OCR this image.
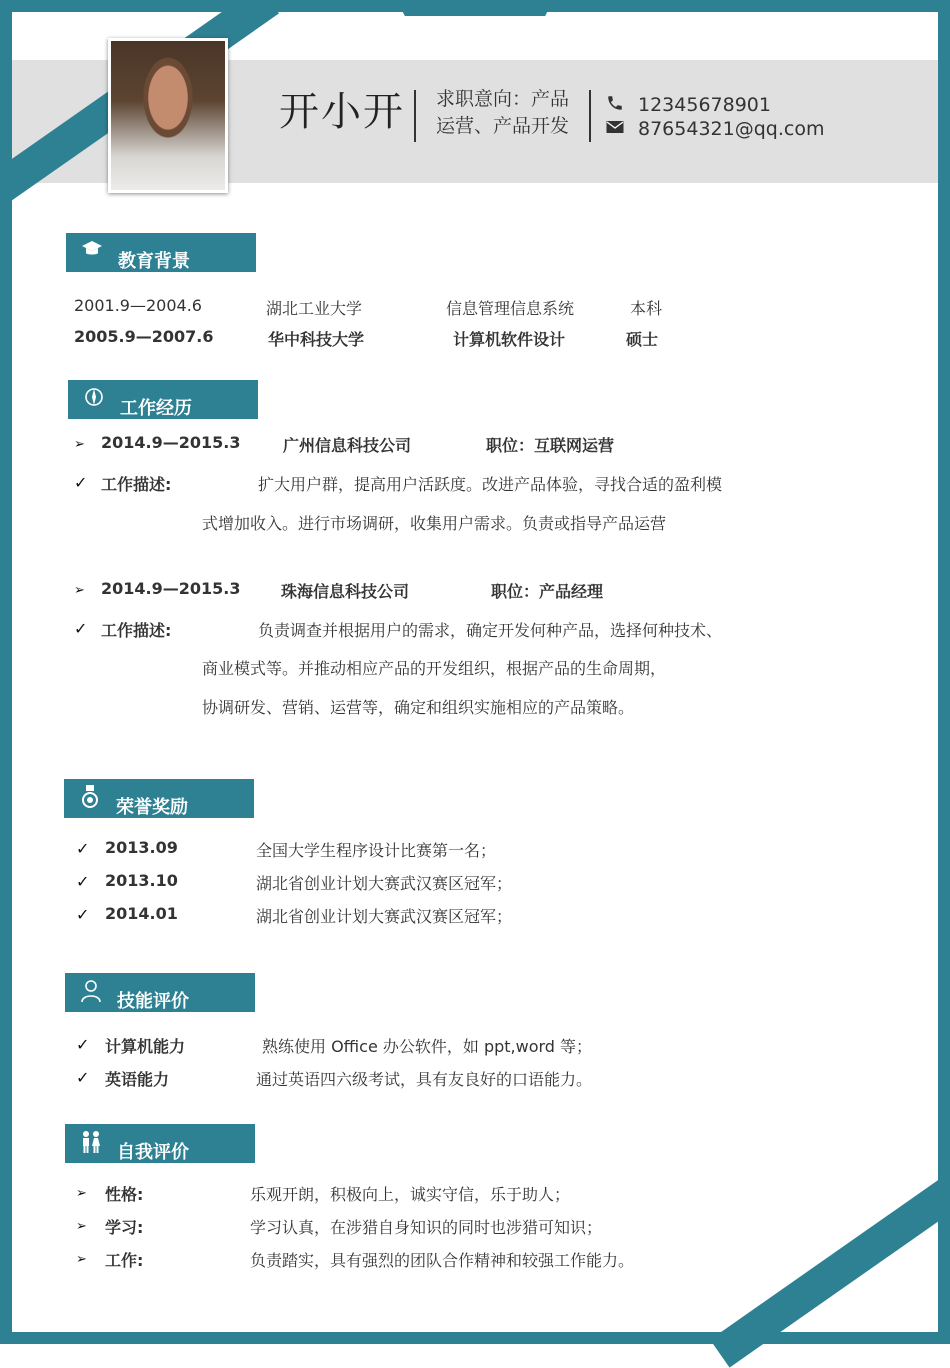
开小开 求职意向：产品
运营、产品开发
12345678901
87654321@qq.com
教育背景
2001.9—2004.6	湖北工业大学	信息管理信息系统	本科
2005.9—2007.6	华中科技大学	计算机软件设计	硕士
工作经历
➢ 2014.9—2015.3	广州信息科技公司	职位：互联网运营
✓ 工作描述:	扩大用户群，提高用户活跃度。改进产品体验，寻找合适的盈利模
式增加收入。进行市场调研，收集用户需求。负责或指导产品运营
➢ 2014.9—2015.3	珠海信息科技公司	职位：产品经理
✓ 工作描述:	负责调查并根据用户的需求，确定开发何种产品，选择何种技术、
商业模式等。并推动相应产品的开发组织，根据产品的生命周期，
协调研发、营销、运营等，确定和组织实施相应的产品策略。
荣誉奖励
✓ 2013.09	全国大学生程序设计比赛第一名；
✓ 2013.10	湖北省创业计划大赛武汉赛区冠军；
✓ 2014.01	湖北省创业计划大赛武汉赛区冠军；
技能评价
✓ 计算机能力	熟练使用 Office 办公软件，如 ppt,word 等；
✓ 英语能力	通过英语四六级考试，具有友良好的口语能力。
自我评价
➢ 性格:	乐观开朗，积极向上，诚实守信，乐于助人；
➢ 学习:	学习认真，在涉猎自身知识的同时也涉猎可知识；
➢ 工作:	负责踏实，具有强烈的团队合作精神和较强工作能力。
